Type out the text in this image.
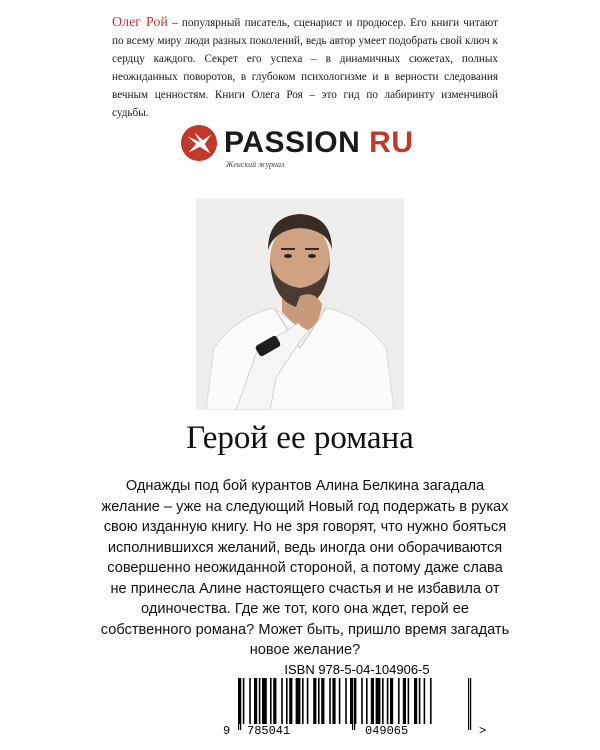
Олег Рой – популярный писатель, сценарист и продюсер. Его книги читают по всему миру люди разных поколений, ведь автор умеет подобрать свой ключ к сердцу каждого. Секрет его успеха – в динамичных сюжетах, полных неожиданных поворотов, в глубоком психологизме и в верности следования вечным ценностям. Книги Олега Роя – это гид по лабиринту изменчивой судьбы.
PASSION RU
Женский журнал
Герой ее романа
Однажды под бой курантов Алина Белкина загадала желание – уже на следующий Новый год подержать в руках свою изданную книгу. Но не зря говорят, что нужно бояться исполнившихся желаний, ведь иногда они оборачиваются совершенно неожиданной стороной, а потому даже слава не принесла Алине настоящего счастья и не избавила от одиночества. Где же тот, кого она ждет, герой ее собственного романа? Может быть, пришло время загадать новое желание?
ISBN 978-5-04-104906-5
9 785041	049065	>
